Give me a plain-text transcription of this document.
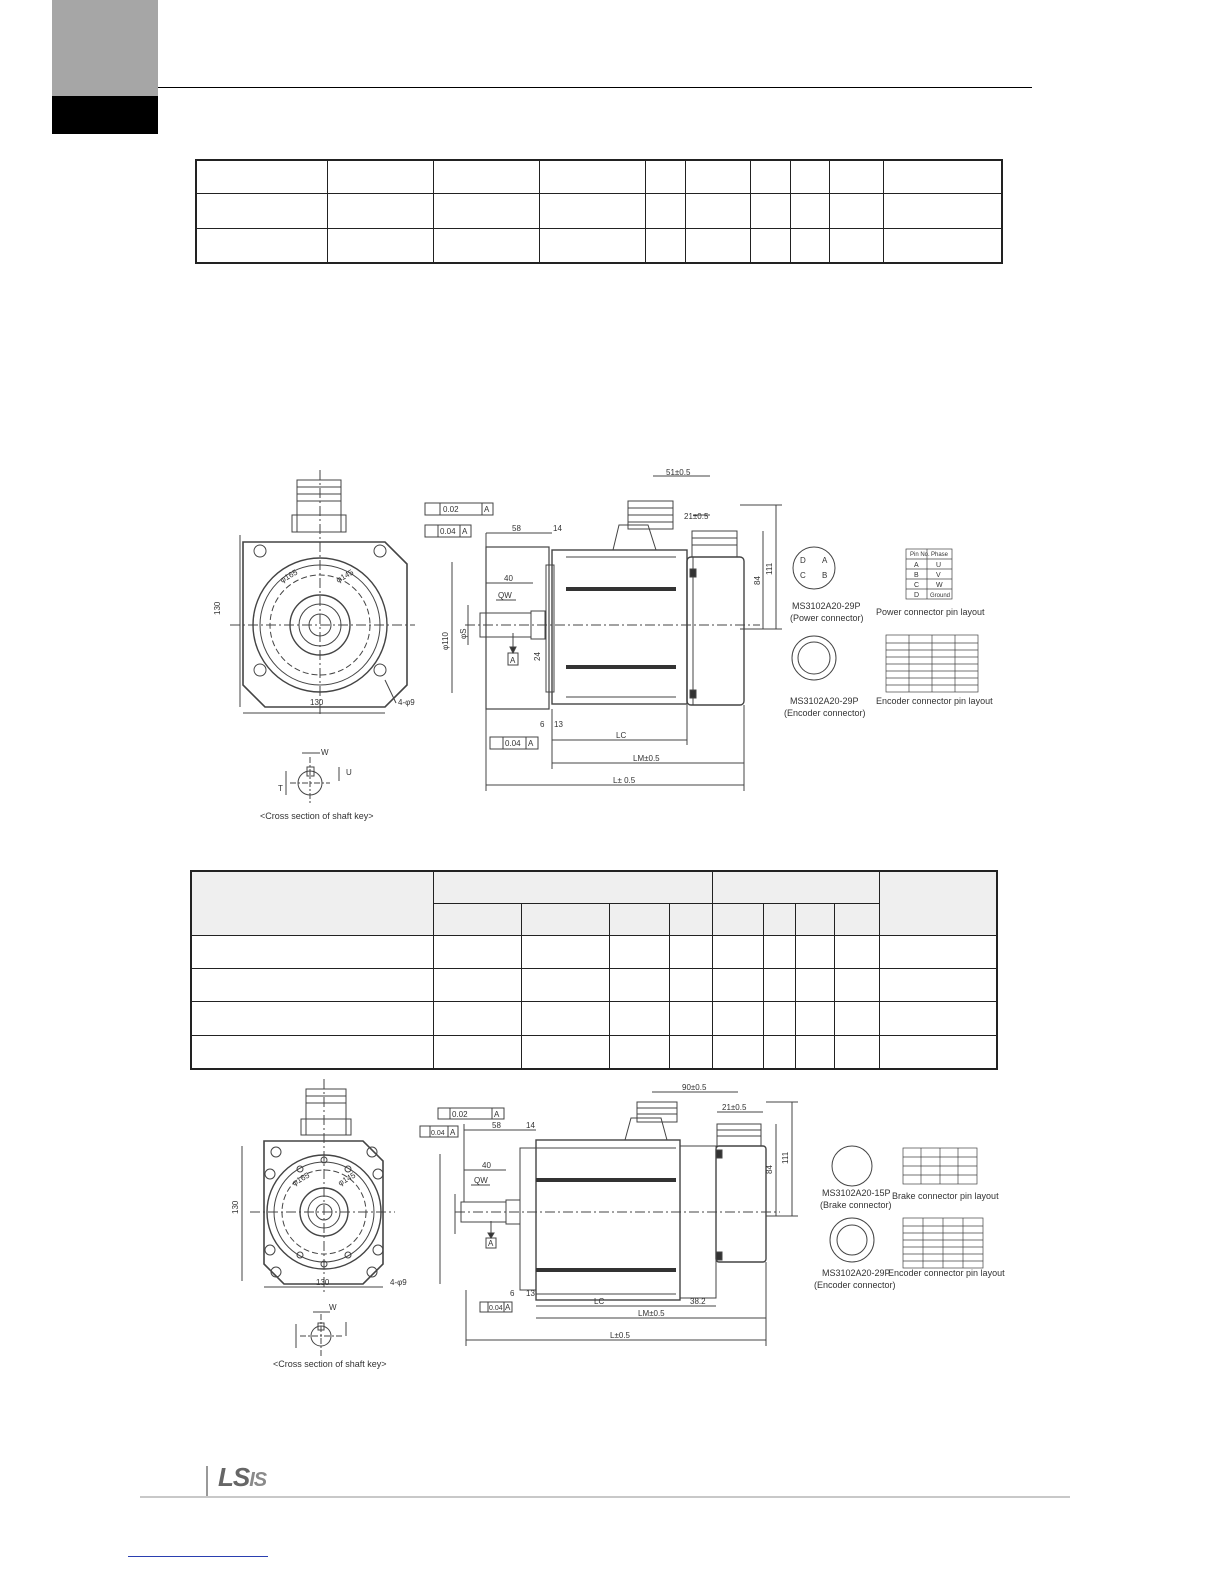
130
130	4-φ9
φ165	φ145
W
U
T
58	14
40
QW
51±0.5
21±0.5
111
84
φ110 φS
24
6 13
LC
LM±0.5
L± 0.5
A
0.02	A
0.04 A
0.04 A
D A
C B
Pin No. Phase
A U
B V
C W
D Ground
MS3102A20-29P
(Power connector)
Power connector pin layout
MS3102A20-29P
(Encoder connector)
Encoder connector pin layout
<Cross section of shaft key>

130
130	4-φ9
φ165	φ145
W
58	14
40
QW
90±0.5
21±0.5
111
84
6 13
LC	38.2
LM±0.5
L±0.5
A
0.02	A
0.04 A
0.04 A
MS3102A20-15P
(Brake connector)
Brake connector pin layout
MS3102A20-29P
(Encoder connector)
Encoder connector pin layout
<Cross section of shaft key>
LSIS
